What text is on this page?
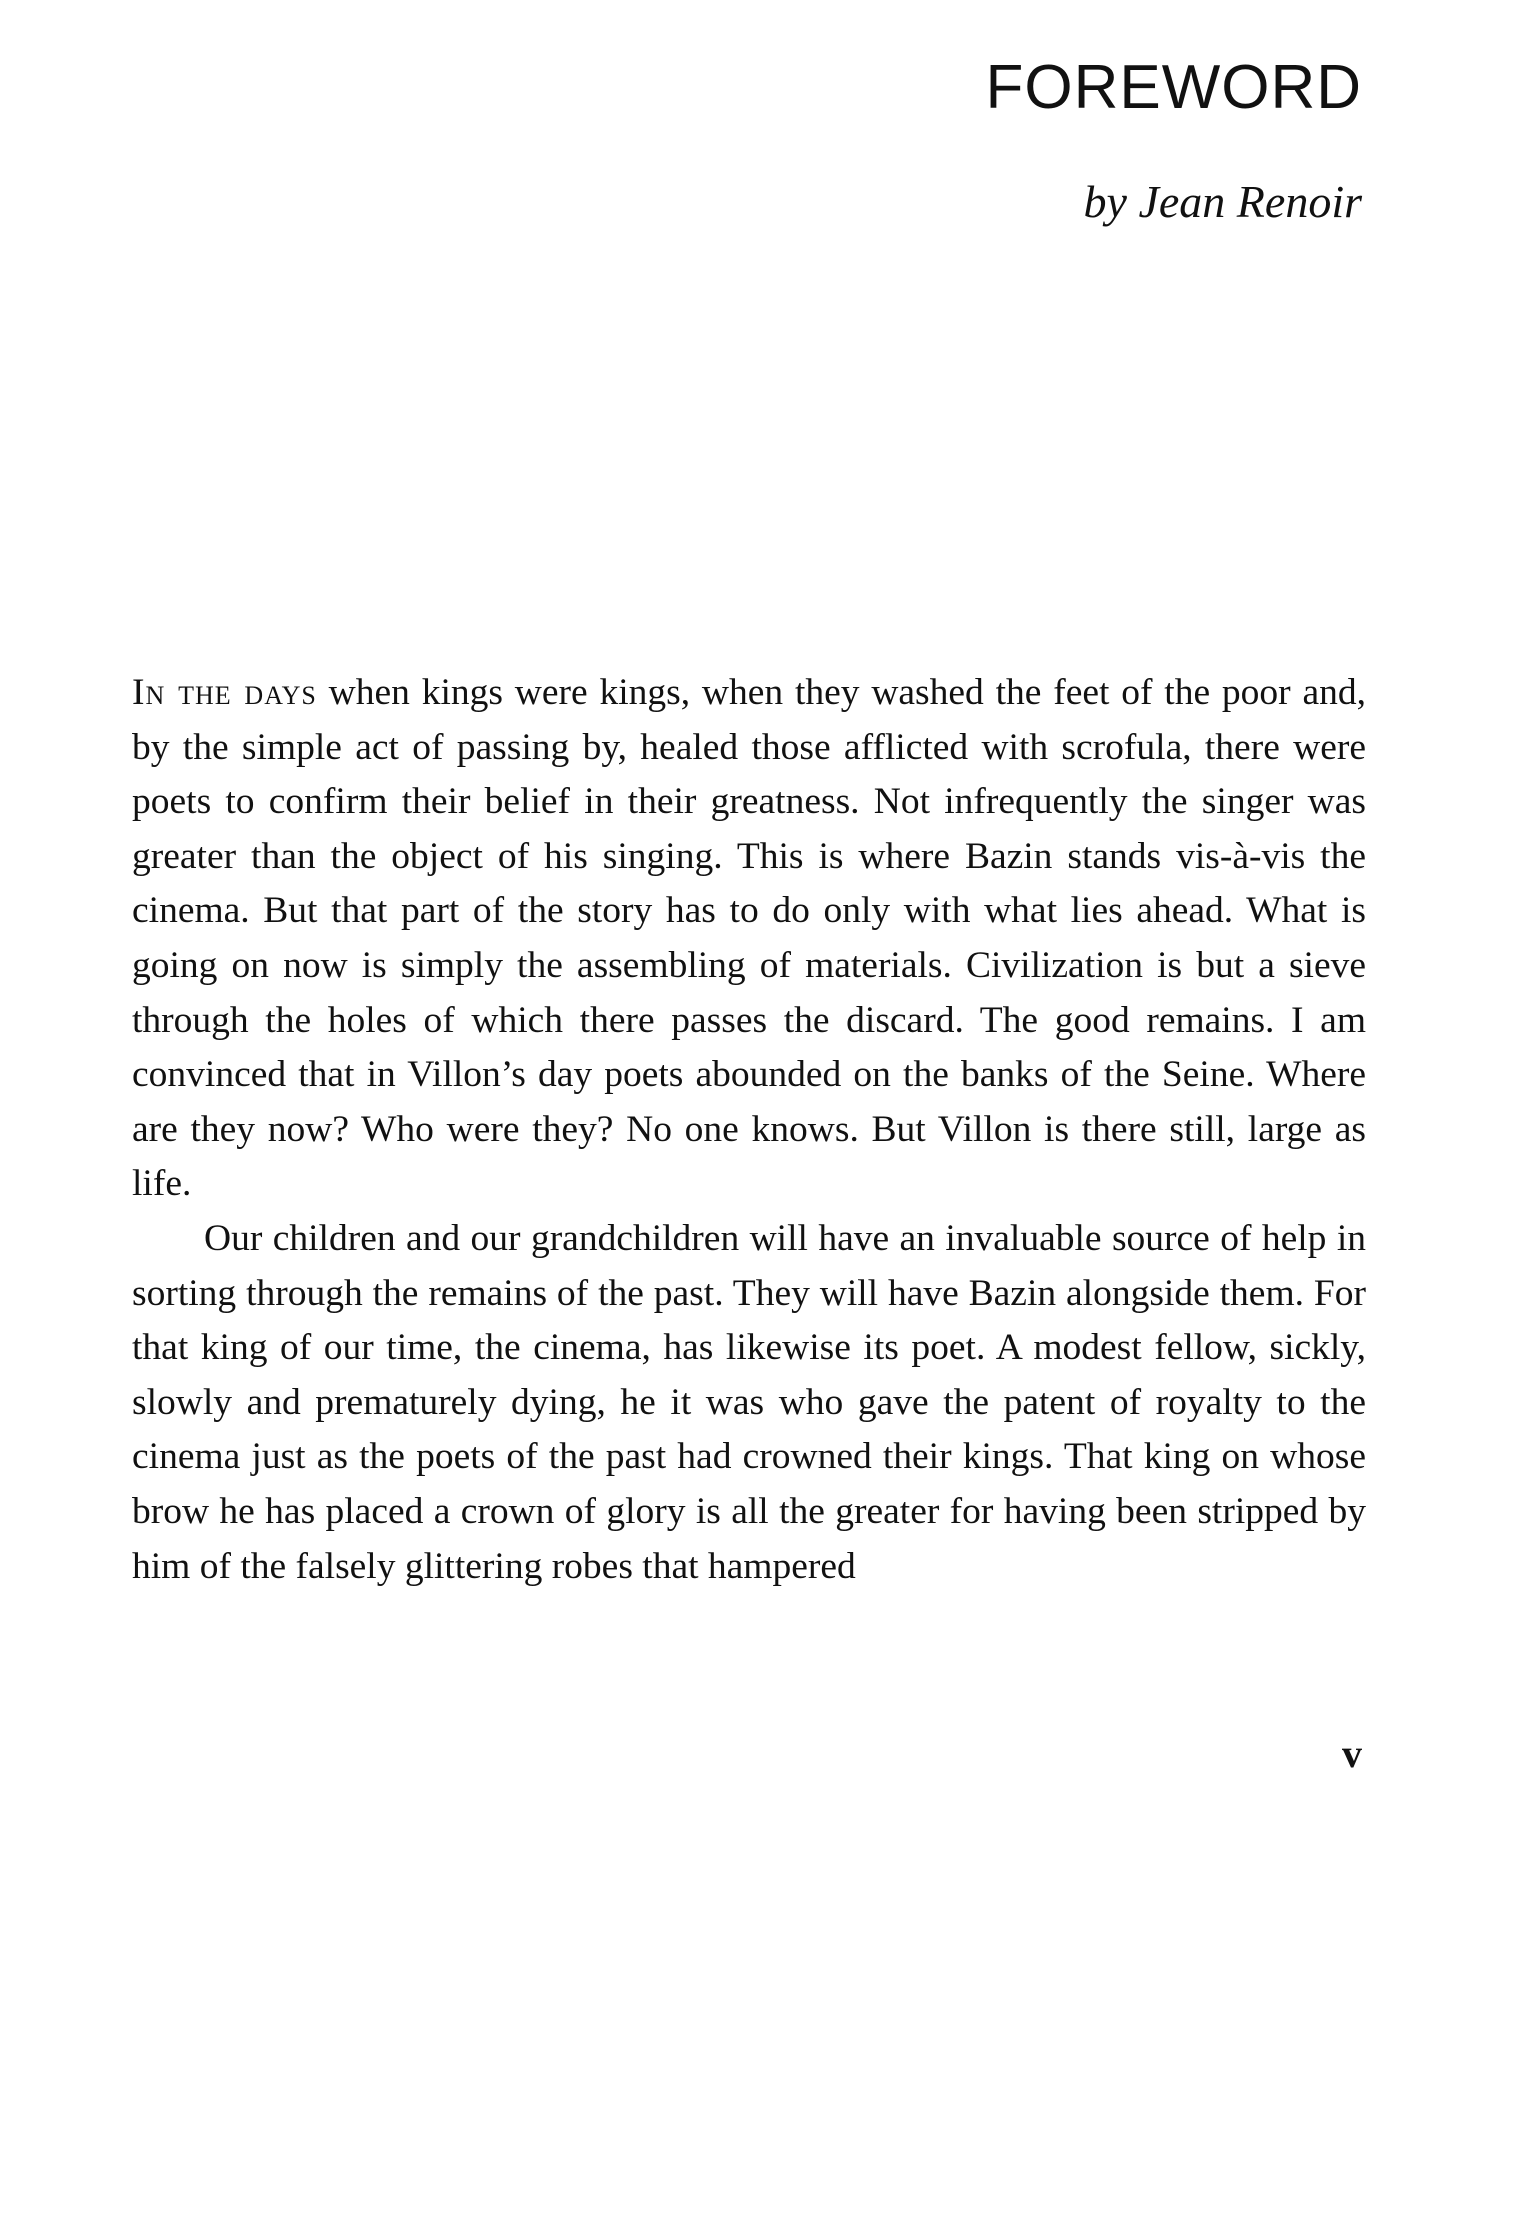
FOREWORD
by Jean Renoir

In the days when kings were kings, when they washed the feet of the poor and, by the simple act of passing by, healed those afflicted with scrofula, there were poets to confirm their belief in their greatness. Not infrequently the singer was greater than the object of his singing. This is where Bazin stands vis-à-vis the cinema. But that part of the story has to do only with what lies ahead. What is going on now is simply the assembling of materials. Civilization is but a sieve through the holes of which there passes the discard. The good remains. I am convinced that in Villon’s day poets abounded on the banks of the Seine. Where are they now? Who were they? No one knows. But Villon is there still, large as life.

Our children and our grandchildren will have an invaluable source of help in sorting through the remains of the past. They will have Bazin alongside them. For that king of our time, the cinema, has likewise its poet. A modest fellow, sickly, slowly and prematurely dying, he it was who gave the patent of royalty to the cinema just as the poets of the past had crowned their kings. That king on whose brow he has placed a crown of glory is all the greater for having been stripped by him of the falsely glittering robes that hampered

v
